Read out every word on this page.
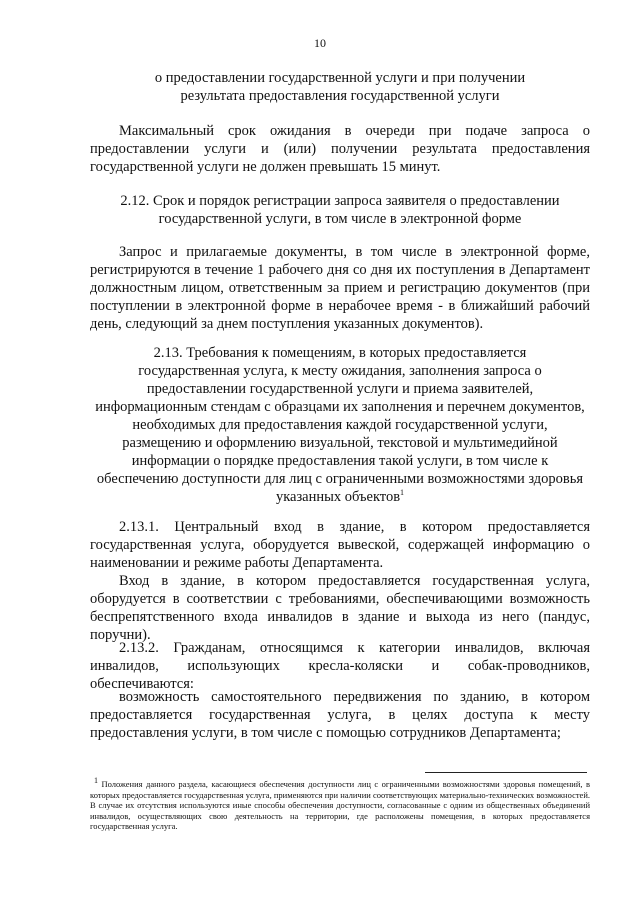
10
о предоставлении государственной услуги и при получении
результата предоставления государственной услуги
Максимальный срок ожидания в очереди при подаче запроса о предоставлении услуги и (или) получении результата предоставления государственной услуги не должен превышать 15 минут.
2.12. Срок и порядок регистрации запроса заявителя о предоставлении
государственной услуги, в том числе в электронной форме
Запрос и прилагаемые документы, в том числе в электронной форме, регистрируются в течение 1 рабочего дня со дня их поступления в Департамент должностным лицом, ответственным за прием и регистрацию документов (при поступлении в электронной форме в нерабочее время - в ближайший рабочий день, следующий за днем поступления указанных документов).
2.13. Требования к помещениям, в которых предоставляется
государственная услуга, к месту ожидания, заполнения запроса о
предоставлении государственной услуги и приема заявителей,
информационным стендам с образцами их заполнения и перечнем документов,
необходимых для предоставления каждой государственной услуги,
размещению и оформлению визуальной, текстовой и мультимедийной
информации о порядке предоставления такой услуги, в том числе к
обеспечению доступности для лиц с ограниченными возможностями здоровья
указанных объектов$^1$
2.13.1. Центральный вход в здание, в котором предоставляется государственная услуга, оборудуется вывеской, содержащей информацию о наименовании и режиме работы Департамента.
Вход в здание, в котором предоставляется государственная услуга, оборудуется в соответствии с требованиями, обеспечивающими возможность беспрепятственного входа инвалидов в здание и выхода из него (пандус, поручни).
2.13.2. Гражданам, относящимся к категории инвалидов, включая инвалидов, использующих кресла-коляски и собак-проводников, обеспечиваются:
возможность самостоятельного передвижения по зданию, в котором предоставляется государственная услуга, в целях доступа к месту предоставления услуги, в том числе с помощью сотрудников Департамента;
$^1$ Положения данного раздела, касающиеся обеспечения доступности лиц с ограниченными возможностями здоровья помещений, в которых предоставляется государственная услуга, применяются при наличии соответствующих материально-технических возможностей. В случае их отсутствия используются иные способы обеспечения доступности, согласованные с одним из общественных объединений инвалидов, осуществляющих свою деятельность на территории, где расположены помещения, в которых предоставляется государственная услуга.
